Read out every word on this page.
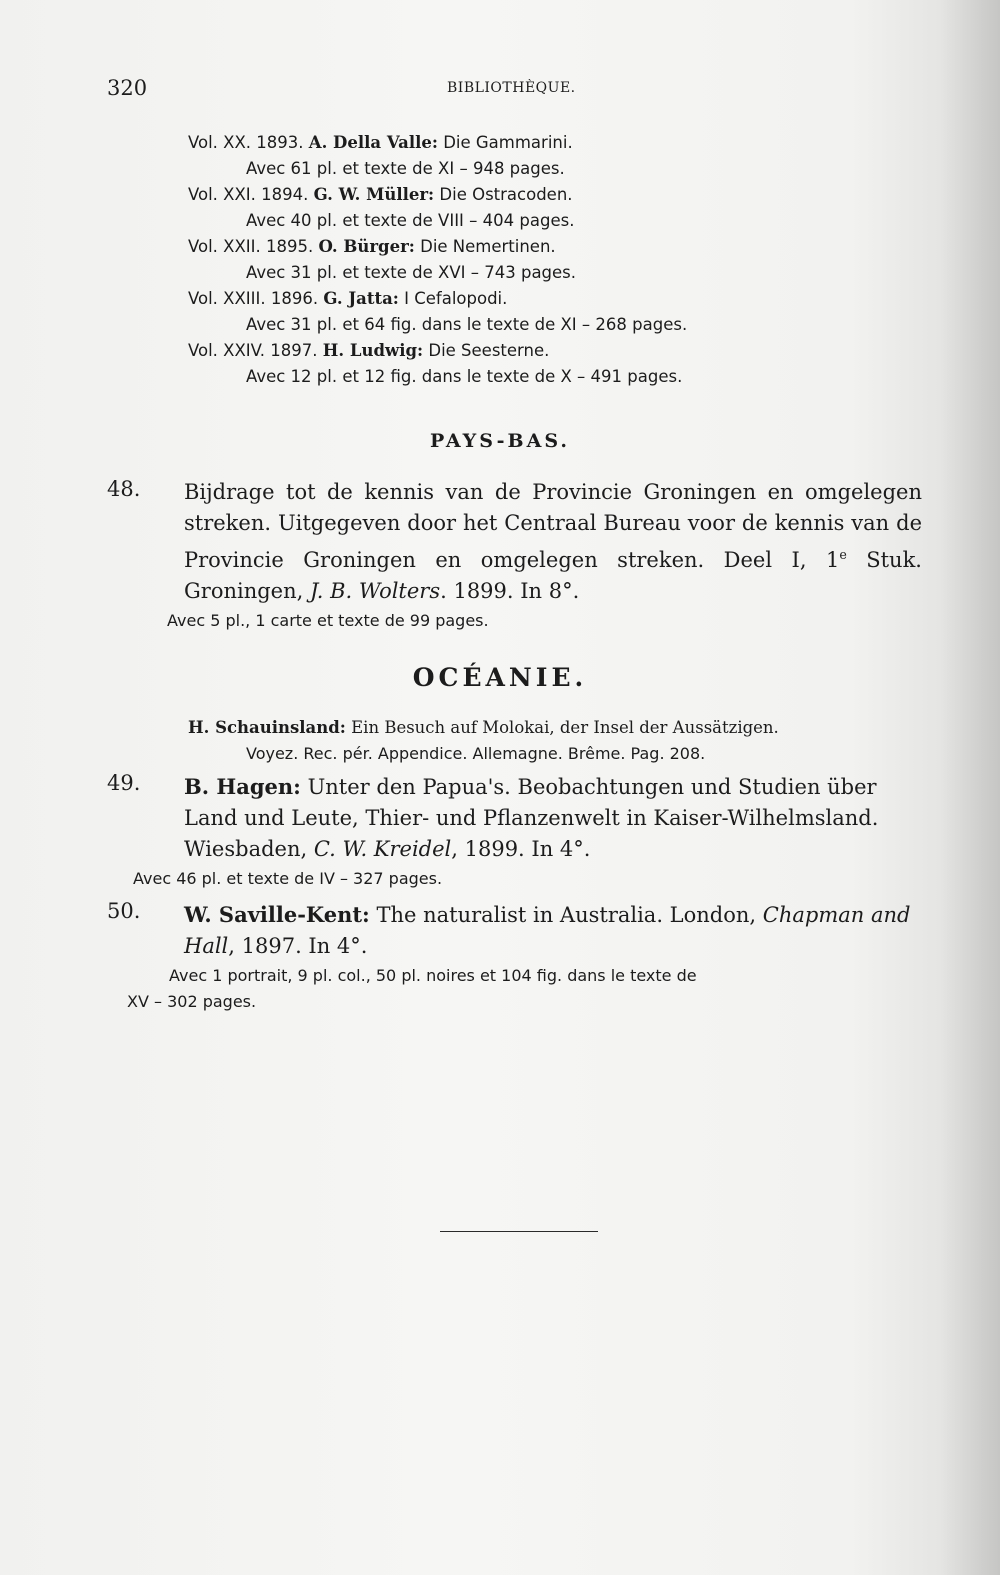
320	BIBLIOTHÈQUE.
Vol. XX. 1893. A. Della Valle: Die Gammarini.
Avec 61 pl. et texte de XI – 948 pages.
Vol. XXI. 1894. G. W. Müller: Die Ostracoden.
Avec 40 pl. et texte de VIII – 404 pages.
Vol. XXII. 1895. O. Bürger: Die Nemertinen.
Avec 31 pl. et texte de XVI – 743 pages.
Vol. XXIII. 1896. G. Jatta: I Cefalopodi.
Avec 31 pl. et 64 fig. dans le texte de XI – 268 pages.
Vol. XXIV. 1897. H. Ludwig: Die Seesterne.
Avec 12 pl. et 12 fig. dans le texte de X – 491 pages.
PAYS-BAS.
48. Bijdrage tot de kennis van de Provincie Groningen en omgelegen streken. Uitgegeven door het Centraal Bureau voor de kennis van de Provincie Groningen en omgelegen streken. Deel I, 1e Stuk. Groningen, J. B. Wolters. 1899. In 8°.
Avec 5 pl., 1 carte et texte de 99 pages.
OCÉANIE.
H. Schauinsland: Ein Besuch auf Molokai, der Insel der Aussätzigen.
Voyez. Rec. pér. Appendice. Allemagne. Brême. Pag. 208.
49. B. Hagen: Unter den Papua's. Beobachtungen und Studien über Land und Leute, Thier- und Pflanzenwelt in Kaiser-Wilhelmsland. Wiesbaden, C. W. Kreidel, 1899. In 4°.
Avec 46 pl. et texte de IV – 327 pages.
50. W. Saville-Kent: The naturalist in Australia. London, Chapman and Hall, 1897. In 4°.
Avec 1 portrait, 9 pl. col., 50 pl. noires et 104 fig. dans le texte de
XV – 302 pages.
